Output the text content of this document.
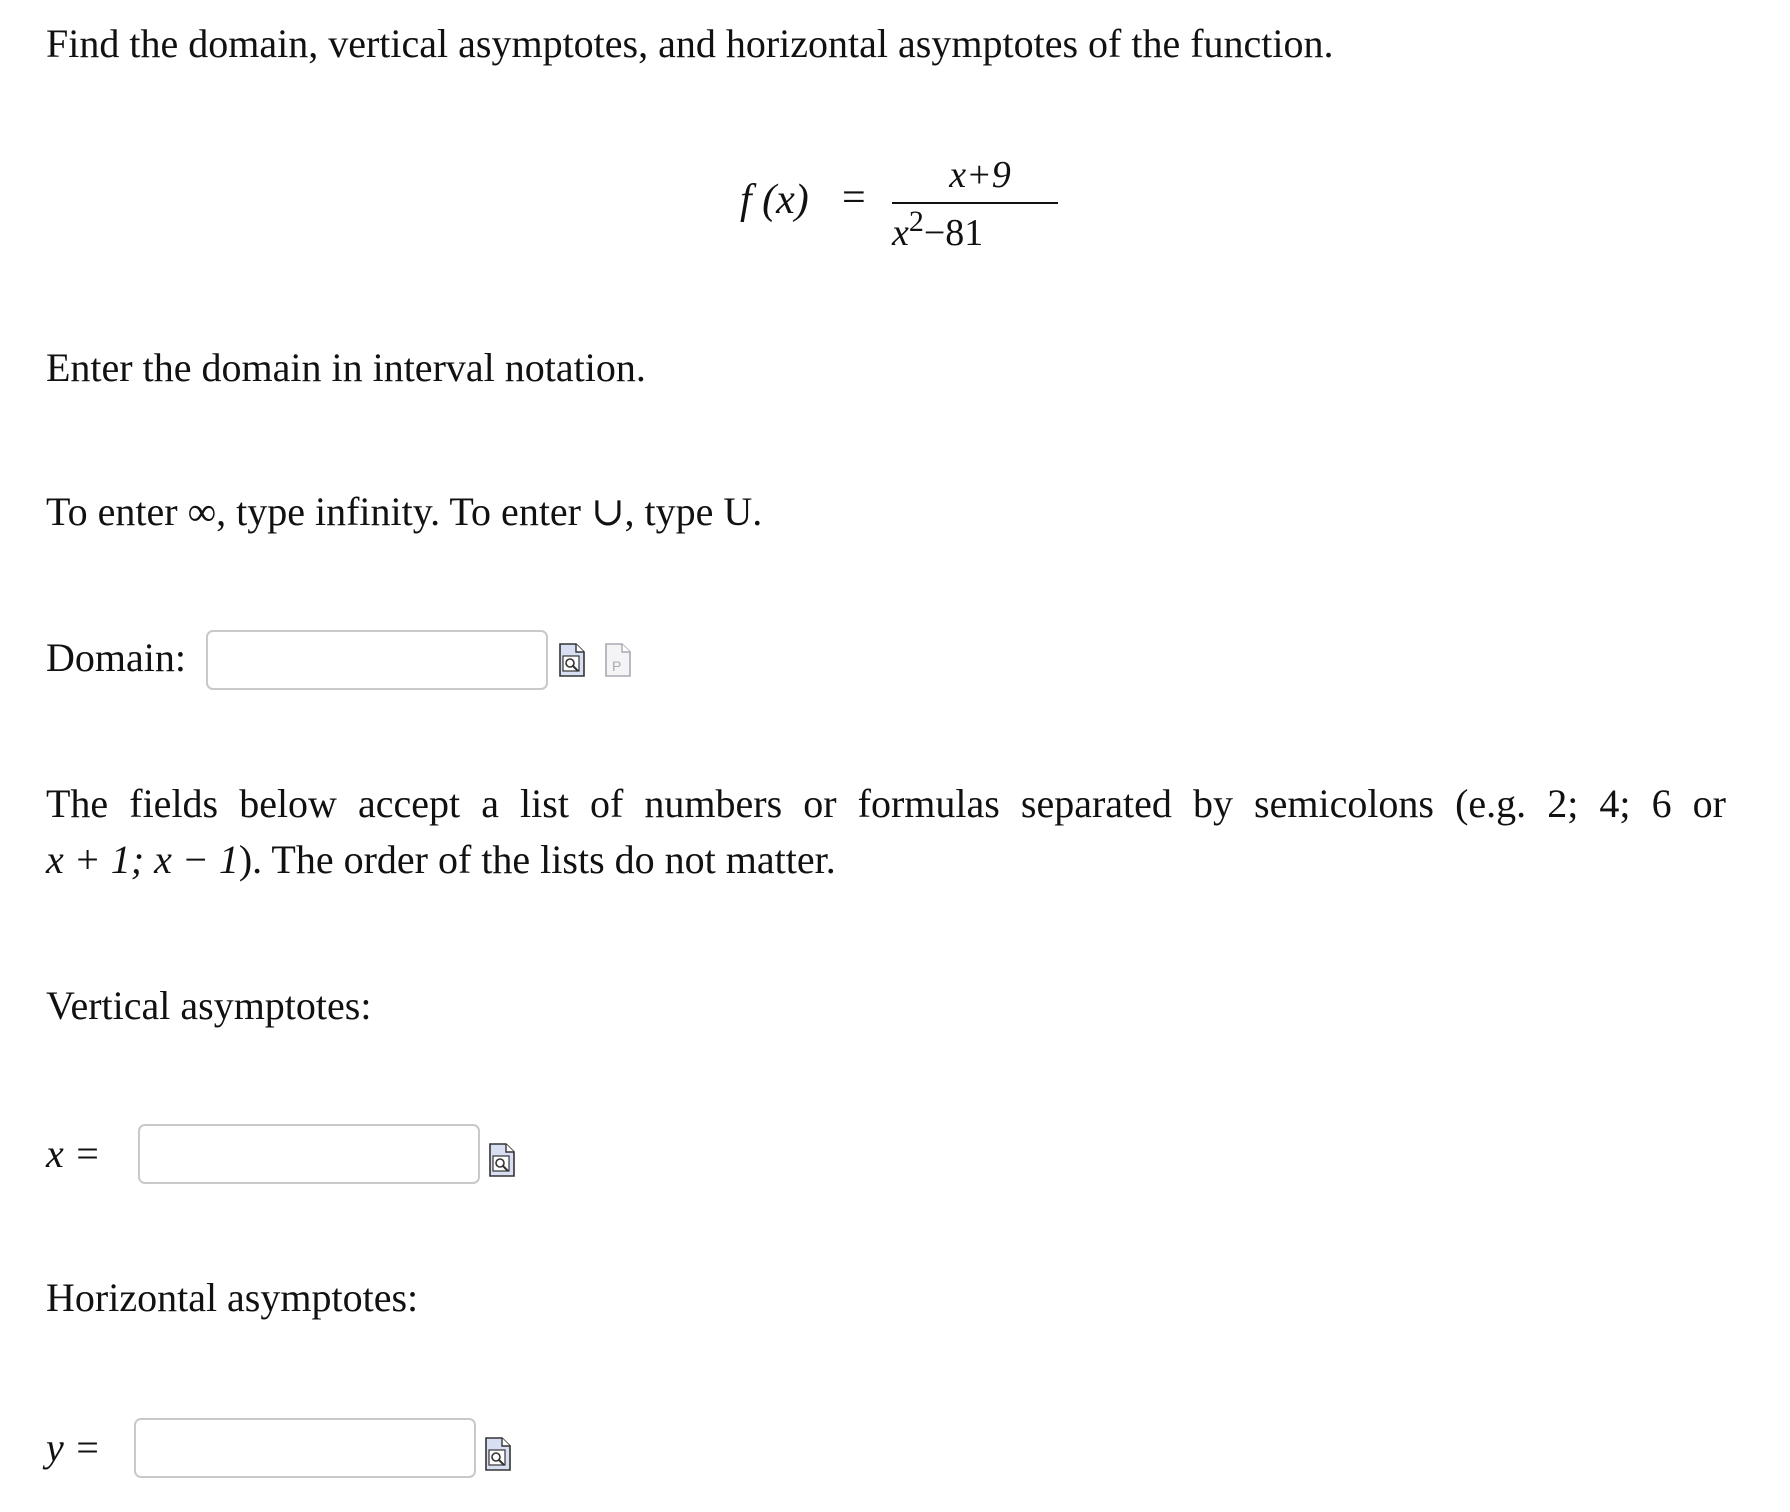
Find the domain, vertical asymptotes, and horizontal asymptotes of the function.
f (x) =	x+9
$x^2-81$
Enter the domain in interval notation.
To enter ∞, type infinity. To enter ∪, type U.
Domain:	P
The fields below accept a list of numbers or formulas separated by semicolons (e.g. 2; 4; 6 or
x + 1; x − 1). The order of the lists do not matter.
Vertical asymptotes:
x =
Horizontal asymptotes:
y =
